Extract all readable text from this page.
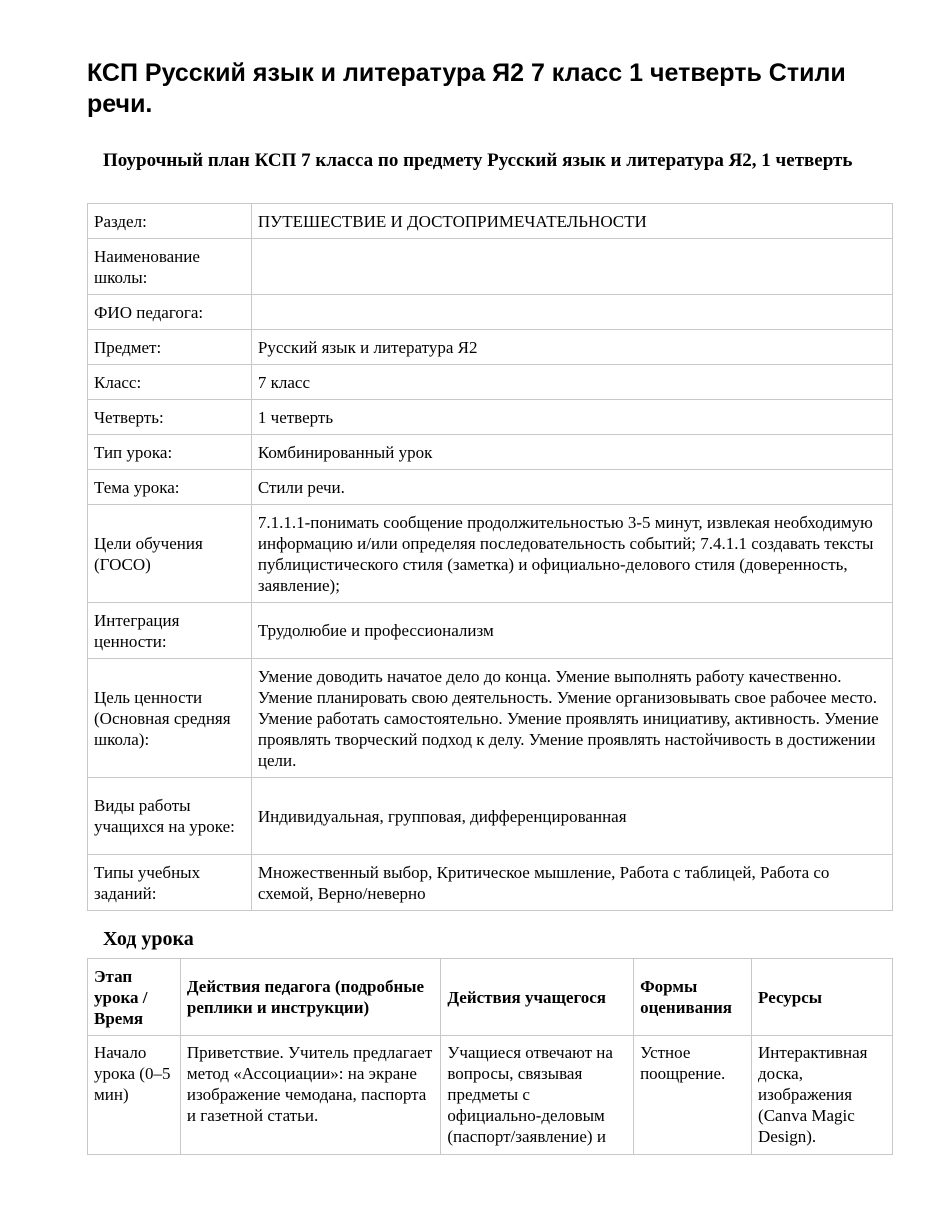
КСП Русский язык и литература Я2 7 класс 1 четверть Стили речи.
Поурочный план КСП 7 класса по предмету Русский язык и литература Я2, 1 четверть
Раздел:	ПУТЕШЕСТВИЕ И ДОСТОПРИМЕЧАТЕЛЬНОСТИ
Наименование школы:	
ФИО педагога:	
Предмет:	Русский язык и литература Я2
Класс:	7 класс
Четверть:	1 четверть
Тип урока:	Комбинированный урок
Тема урока:	Стили речи.
Цели обучения (ГОСО)	7.1.1.1-понимать сообщение продолжительностью 3-5 минут, извлекая необходимую информацию и/или определяя последовательность событий; 7.4.1.1 создавать тексты публицистического стиля (заметка) и официально-делового стиля (доверенность, заявление);
Интеграция ценности:	Трудолюбие и профессионализм
Цель ценности (Основная средняя школа):	Умение доводить начатое дело до конца. Умение выполнять работу качественно. Умение планировать свою деятельность. Умение организовывать свое рабочее место. Умение работать самостоятельно. Умение проявлять инициативу, активность. Умение проявлять творческий подход к делу. Умение проявлять настойчивость в достижении цели.
Виды работы учащихся на уроке:	Индивидуальная, групповая, дифференцированная
Типы учебных заданий:	Множественный выбор, Критическое мышление, Работа с таблицей, Работа со схемой, Верно/неверно
Ход урока
Этап урока / Время	Действия педагога (подробные реплики и инструкции)	Действия учащегося	Формы оценивания	Ресурсы
Начало урока (0–5 мин)	Приветствие. Учитель предлагает метод «Ассоциации»: на экране изображение чемодана, паспорта и газетной статьи.	Учащиеся отвечают на вопросы, связывая предметы с официально-деловым (паспорт/заявление) и	Устное поощрение.	Интерактивная доска, изображения (Canva Magic Design).
